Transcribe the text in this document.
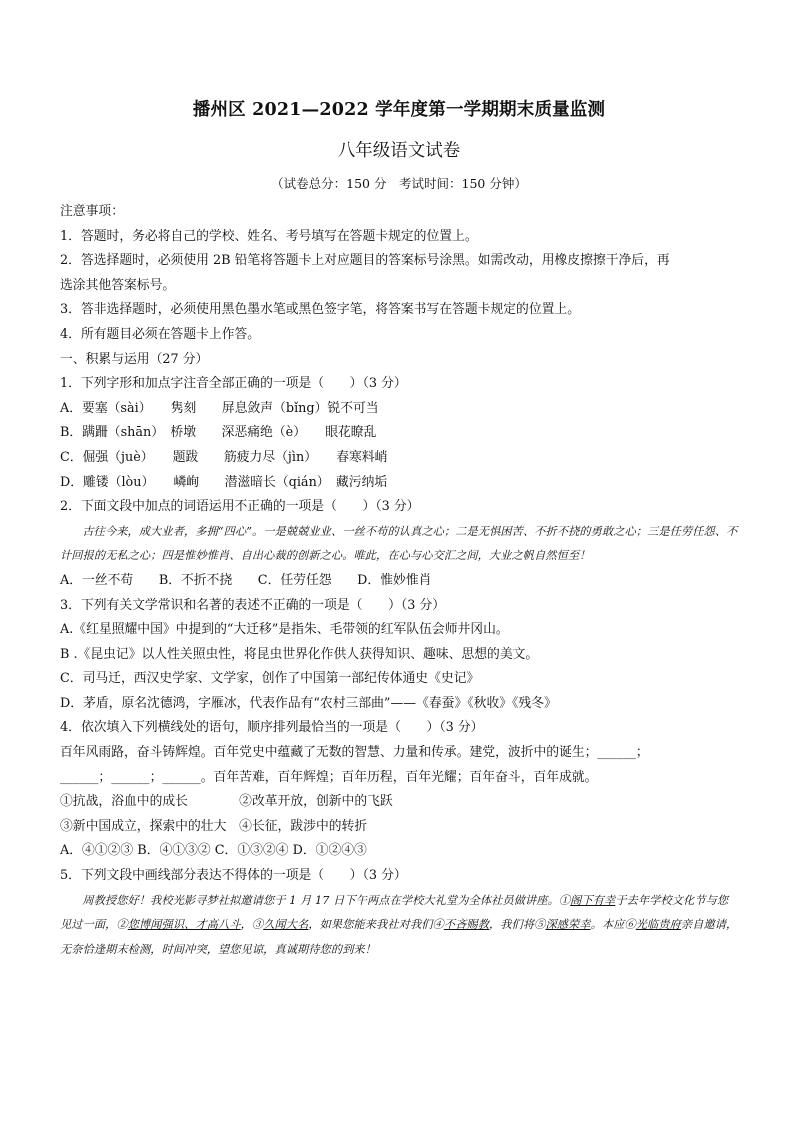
播州区 2021—2022 学年度第一学期期末质量监测
八年级语文试卷
（试卷总分：150 分　考试时间：150 分钟）
注意事项：
1．答题时，务必将自己的学校、姓名、考号填写在答题卡规定的位置上。
2．答选择题时，必须使用 2B 铅笔将答题卡上对应题目的答案标号涂黑。如需改动，用橡皮擦擦干净后，再
选涂其他答案标号。
3．答非选择题时，必须使用黑色墨水笔或黑色签字笔，将答案书写在答题卡规定的位置上。
4．所有题目必须在答题卡上作答。
一、积累与运用（27 分）
1．下列字形和加点字注音全部正确的一项是（　　）（3 分）
A．要塞（sài）　　隽刻　　屏息敛声（bǐng）锐不可当
B．蹒跚（shān）　桥墩　　深恶痛绝（è）　　眼花瞭乱
C．倔强（juè）　　题跋　　筋疲力尽（jìn）　　春寒料峭
D．雕镂（lòu）　　嶙峋　　潜滋暗长（qián）　藏污纳垢
2．下面文段中加点的词语运用不正确的一项是（　　）（3 分）
古往今来，成大业者，多拥“四心”。一是兢兢业业、一丝不苟的认真之心；二是无惧困苦、不折不挠的勇敢之心；三是任劳任怨、不计回报的无私之心；四是惟妙惟肖、自出心裁的创新之心。唯此，在心与心交汇之间，大业之帆自然恒至！
A．一丝不苟　　B．不折不挠　　C．任劳任怨　　D．惟妙惟肖
3．下列有关文学常识和名著的表述不正确的一项是（　　）（3 分）
A.《红星照耀中国》中提到的“大迁移”是指朱、毛带领的红军队伍会师井冈山。
B .《昆虫记》以人性关照虫性，将昆虫世界化作供人获得知识、趣味、思想的美文。
C．司马迁，西汉史学家、文学家，创作了中国第一部纪传体通史《史记》
D．茅盾，原名沈德鸿，字雁冰，代表作品有“农村三部曲”——《春蚕》《秋收》《残冬》
4．依次填入下列横线处的语句，顺序排列最恰当的一项是（　　）（3 分）
百年风雨路，奋斗铸辉煌。百年党史中蕴藏了无数的智慧、力量和传承。建党，波折中的诞生；______；
______；______；______。百年苦难，百年辉煌；百年历程，百年光耀；百年奋斗，百年成就。
①抗战，浴血中的成长　　　　②改革开放，创新中的飞跃
③新中国成立，探索中的壮大　④长征，跋涉中的转折
A．④①②③ B．④①③② C．①③②④ D．①②④③
5．下列文段中画线部分表达不得体的一项是（　　）（3 分）
周教授您好！我校光影寻梦社拟邀请您于 1 月 17 日下午两点在学校大礼堂为全体社员做讲座。①阁下有幸于去年学校文化节与您见过一面，②您博闻强识、才高八斗，③久闻大名，如果您能来我社对我们④不吝赐教，我们将⑤深感荣幸。本应⑥光临贵府亲自邀请，无奈恰逢期末检测，时间冲突，望您见谅，真诚期待您的到来！
